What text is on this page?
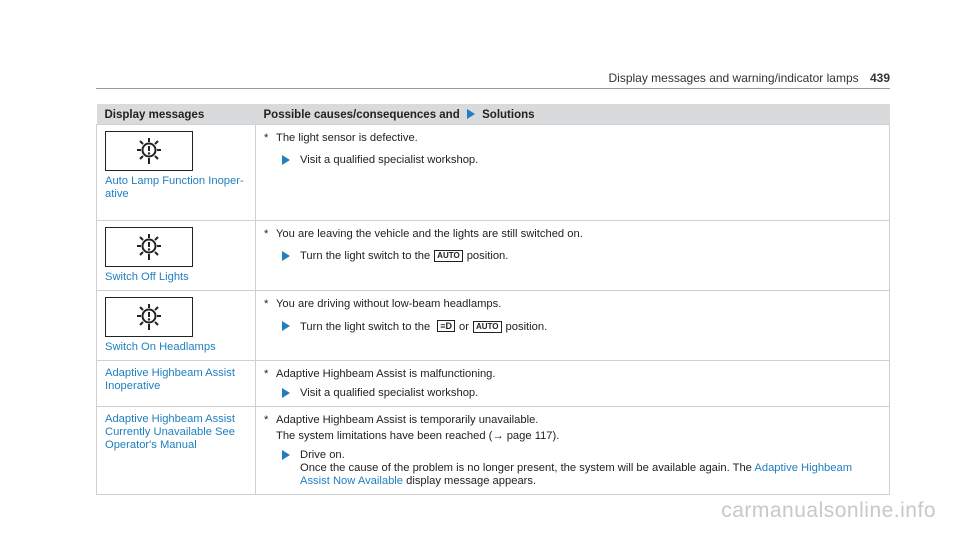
Display messages and warning/indicator lamps 439
Display messages	Possible causes/consequences and Solutions

Auto Lamp Function Inoper-ative	* The light sensor is defective.
Visit a qualified specialist workshop.

Switch Off Lights	* You are leaving the vehicle and the lights are still switched on.
Turn the light switch to the AUTO position.

Switch On Headlamps	* You are driving without low-beam headlamps.
Turn the light switch to the ≡D or AUTO position.

Adaptive Highbeam Assist Inoperative	* Adaptive Highbeam Assist is malfunctioning.
Visit a qualified specialist workshop.

Adaptive Highbeam Assist Currently Unavailable See Operator's Manual	* Adaptive Highbeam Assist is temporarily unavailable.
The system limitations have been reached (→ page 117).
Drive on.
Once the cause of the problem is no longer present, the system will be available again. The Adaptive Highbeam Assist Now Available display message appears.
carmanualsonline.info
